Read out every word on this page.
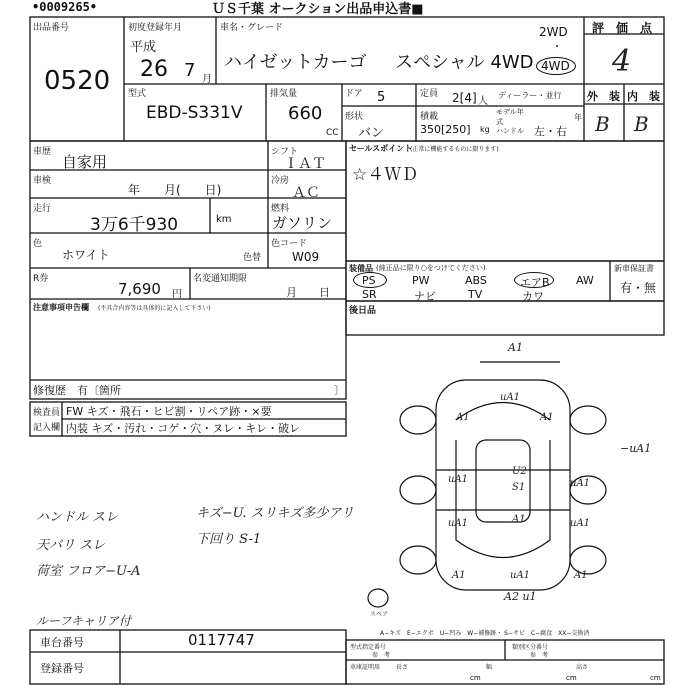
•0009265•	ＵＳ千葉 オークション出品申込書■
出品番号
0520
初度登録年月
平成
26 7 月
車名・グレード
ハイゼットカーゴ スペシャル 4WD
2WD
・
4WD
評　価　点
4
型式
EBD-S331V
排気量
660
CC
ドア 5	定員 2[4] 人
ディーラー・並行
形状
バン
積載
350[250] kg
モデル年式	年
ハンドル 左・右
外　装 内　装
B B
車歴
自家用
シフト
ＩＡＴ
車検
年　　月(　　日)
冷房
ＡＣ
走行
3万6千930	km
燃料
ガソリン
色
ホワイト	色替
色コード
W09
R券
7,690 円
名変通知期限
月　　日
注意事項申告欄 (不具合内容等は具体的に記入して下さい)
修復歴　有〔箇所	〕
セールスポイント
(正常に機能するものに限ります)
☆４ＷＤ
装備品 (純正品に限り○をつけてください)
PS	PW	ABS	エアB AW
SR	ナビ	TV	カワ
新車保証書
有・無
後日品
検査員
記入欄
FW キズ・飛石・ヒビ割・リペア跡・×要
内装 キズ・汚れ・コゲ・穴・ヌレ・キレ・破レ
ハンドル スレ
天バリ スレ
荷室 フロア−U-A
キズ−U. スリキズ多少アリ
下回り S-1
ルーフキャリア付
A1
uA1
A1	A1
−uA1
uA1
U2
S1	uA1
uA1	A1	uA1
A1	uA1	A1
A2 u1
スペア
A−キズ　E−エクボ　U−凹み　W−補修跡・ S−サビ　C−腐食　XX−交換済
車台番号	0117747
登録番号
型式指定番号
参　考
類別区分番号
参　考
車庫証明用	長さ
cm
幅
cm
高さ
cm
